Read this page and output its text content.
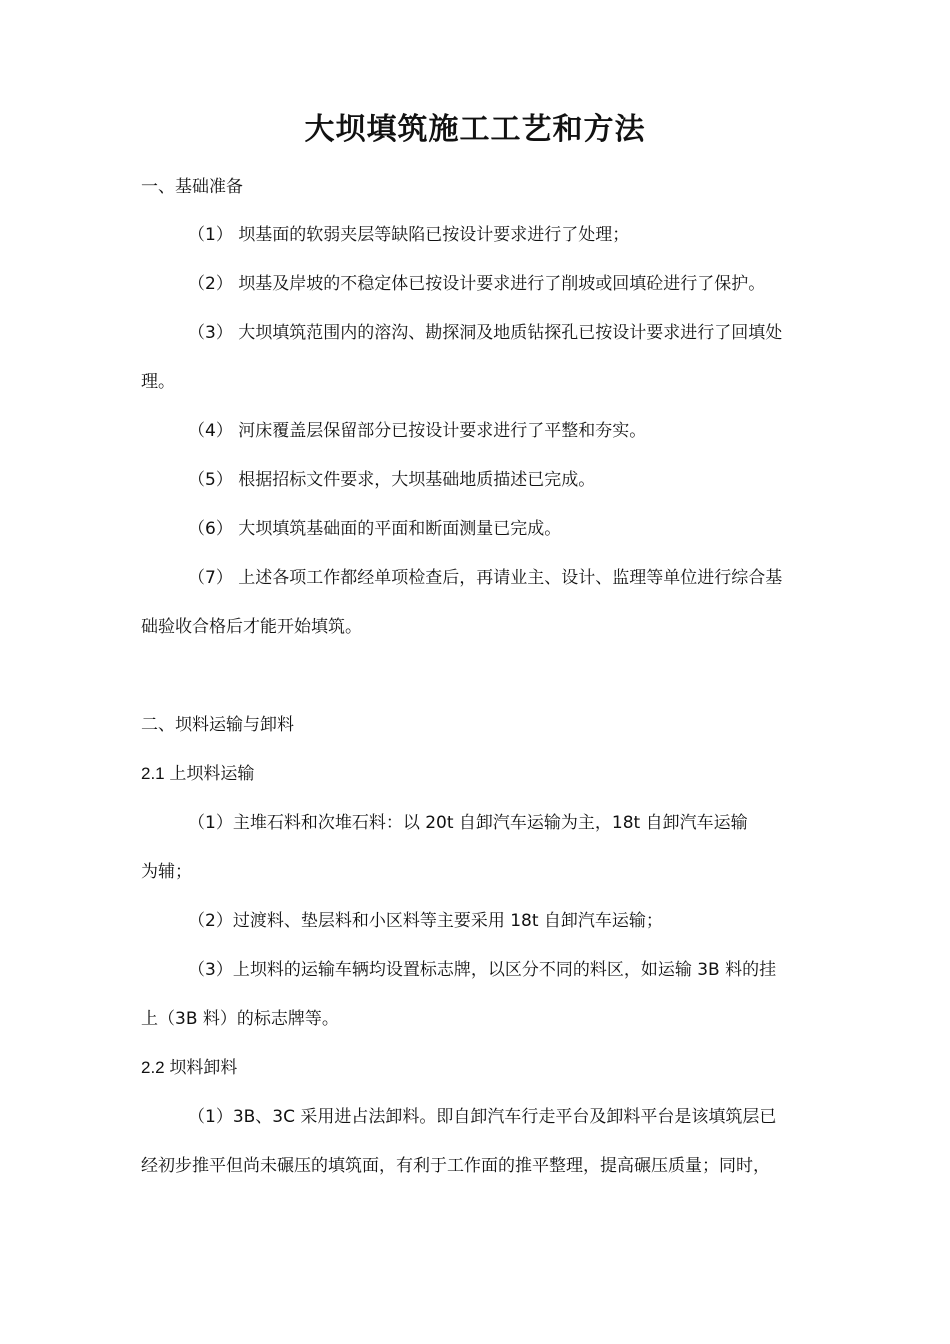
大坝填筑施工工艺和方法
一、基础准备
（1） 坝基面的软弱夹层等缺陷已按设计要求进行了处理；
（2） 坝基及岸坡的不稳定体已按设计要求进行了削坡或回填砼进行了保护。
（3） 大坝填筑范围内的溶沟、勘探洞及地质钻探孔已按设计要求进行了回填处
理。
（4） 河床覆盖层保留部分已按设计要求进行了平整和夯实。
（5） 根据招标文件要求，大坝基础地质描述已完成。
（6） 大坝填筑基础面的平面和断面测量已完成。
（7） 上述各项工作都经单项检查后，再请业主、设计、监理等单位进行综合基
础验收合格后才能开始填筑。
二、坝料运输与卸料
2.1 上坝料运输
（1）主堆石料和次堆石料：以 20t 自卸汽车运输为主，18t 自卸汽车运输
为辅；
（2）过渡料、垫层料和小区料等主要采用 18t 自卸汽车运输；
（3）上坝料的运输车辆均设置标志牌，以区分不同的料区，如运输 3B 料的挂
上（3B 料）的标志牌等。
2.2 坝料卸料
（1）3B、3C 采用进占法卸料。即自卸汽车行走平台及卸料平台是该填筑层已
经初步推平但尚未碾压的填筑面，有利于工作面的推平整理，提高碾压质量；同时，
